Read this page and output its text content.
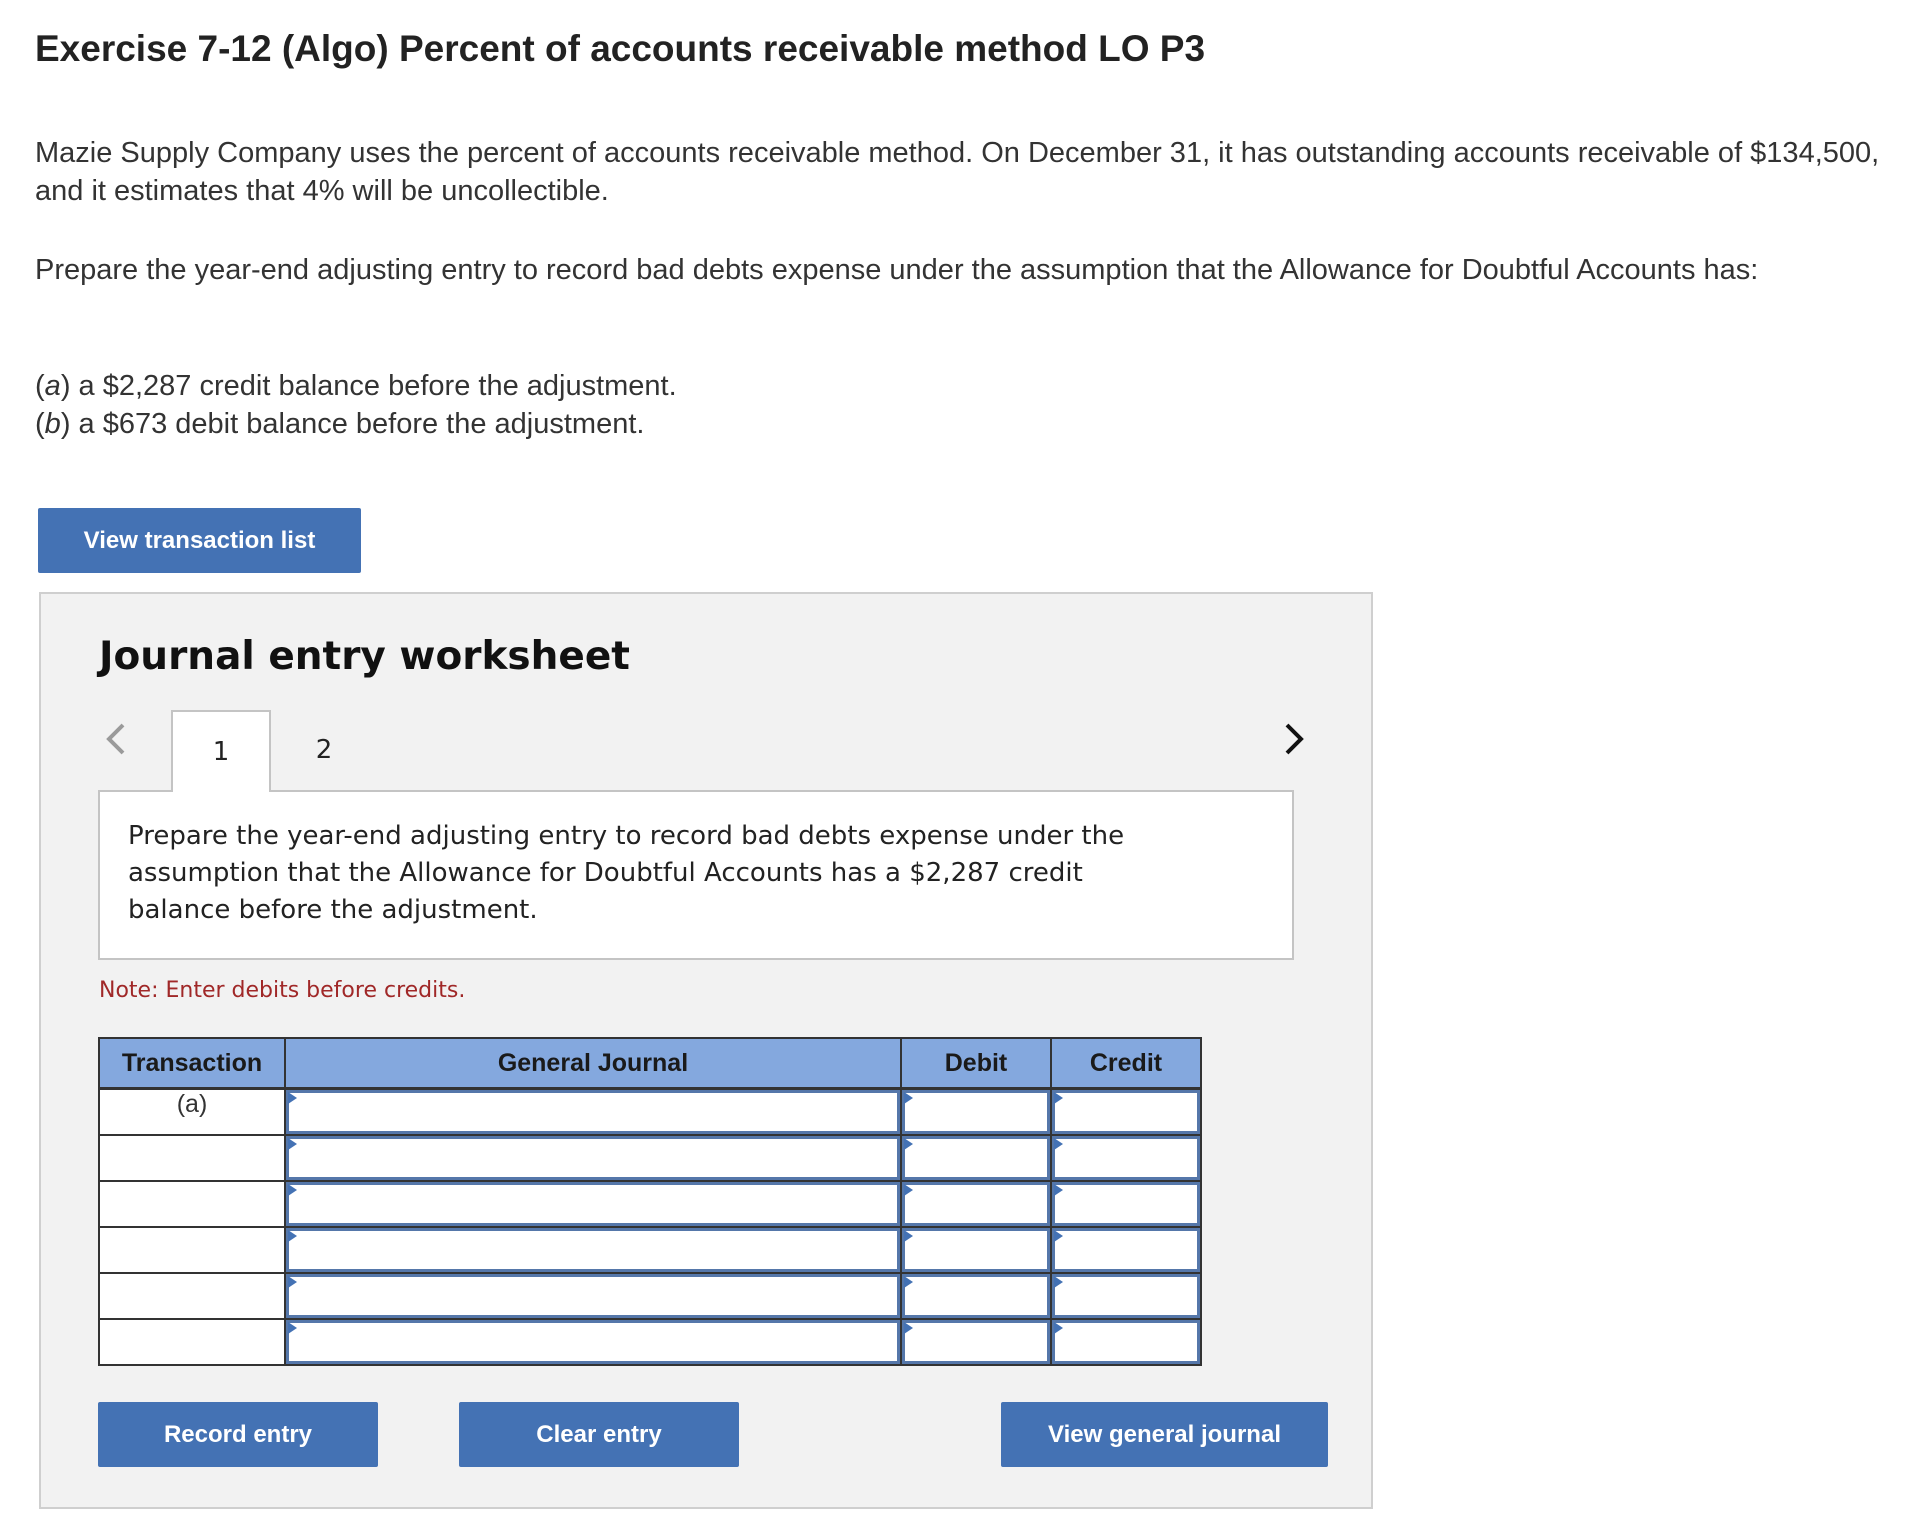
Exercise 7-12 (Algo) Percent of accounts receivable method LO P3

Mazie Supply Company uses the percent of accounts receivable method. On December 31, it has outstanding accounts receivable of $134,500, and it estimates that 4% will be uncollectible.

Prepare the year-end adjusting entry to record bad debts expense under the assumption that the Allowance for Doubtful Accounts has:

(a) a $2,287 credit balance before the adjustment.
(b) a $673 debit balance before the adjustment.
View transaction list
Journal entry worksheet
1	2

Prepare the year-end adjusting entry to record bad debts expense under the assumption that the Allowance for Doubtful Accounts has a $2,287 credit balance before the adjustment.

Note: Enter debits before credits.
Transaction	General Journal	Debit	Credit
(a)			

Record entry	Clear entry	View general journal
